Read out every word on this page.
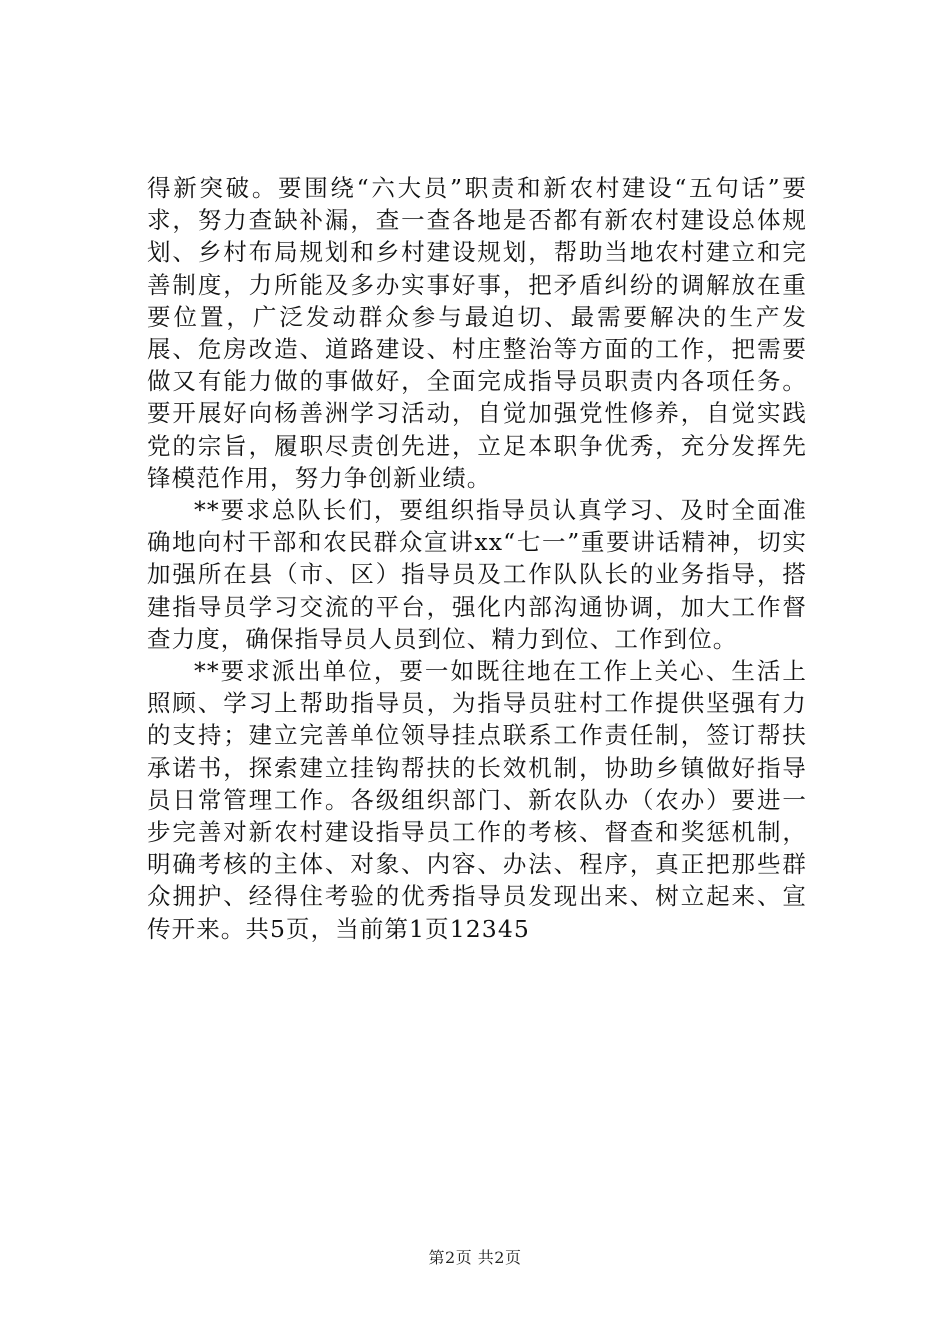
得新突破。要围绕“六大员”职责和新农村建设“五句话”要求，努力查缺补漏，查一查各地是否都有新农村建设总体规划、乡村布局规划和乡村建设规划，帮助当地农村建立和完善制度，力所能及多办实事好事，把矛盾纠纷的调解放在重要位置，广泛发动群众参与最迫切、最需要解决的生产发展、危房改造、道路建设、村庄整治等方面的工作，把需要做又有能力做的事做好，全面完成指导员职责内各项任务。要开展好向杨善洲学习活动，自觉加强党性修养，自觉实践党的宗旨，履职尽责创先进，立足本职争优秀，充分发挥先锋模范作用，努力争创新业绩。

**要求总队长们，要组织指导员认真学习、及时全面准确地向村干部和农民群众宣讲xx“七一”重要讲话精神，切实加强所在县（市、区）指导员及工作队队长的业务指导，搭建指导员学习交流的平台，强化内部沟通协调，加大工作督查力度，确保指导员人员到位、精力到位、工作到位。

**要求派出单位，要一如既往地在工作上关心、生活上照顾、学习上帮助指导员，为指导员驻村工作提供坚强有力的支持；建立完善单位领导挂点联系工作责任制，签订帮扶承诺书，探索建立挂钩帮扶的长效机制，协助乡镇做好指导员日常管理工作。各级组织部门、新农队办（农办）要进一步完善对新农村建设指导员工作的考核、督查和奖惩机制，明确考核的主体、对象、内容、办法、程序，真正把那些群众拥护、经得住考验的优秀指导员发现出来、树立起来、宣传开来。共5页，当前第1页12345

第2页 共2页
